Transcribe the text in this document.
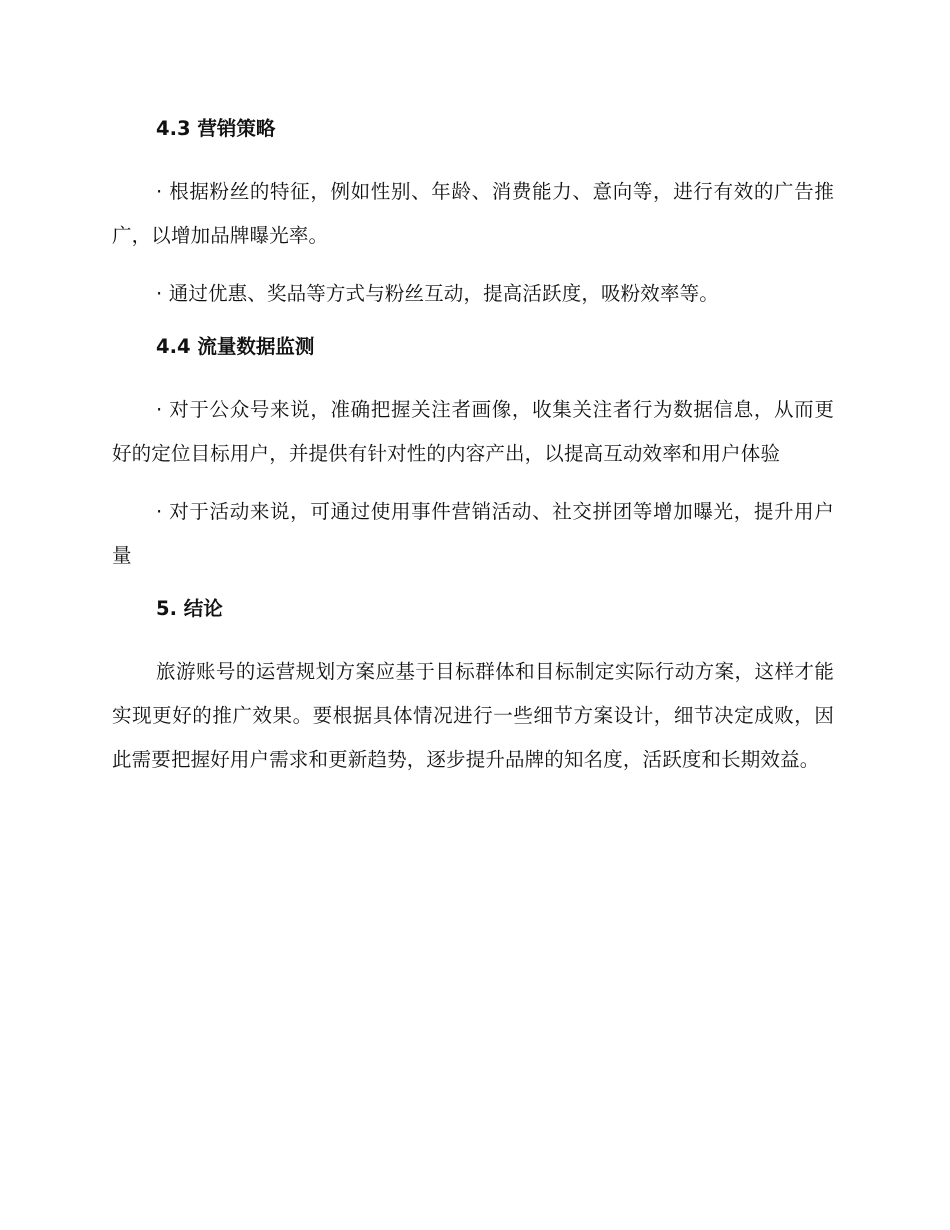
4.3 营销策略

· 根据粉丝的特征，例如性别、年龄、消费能力、意向等，进行有效的广告推广，以增加品牌曝光率。

· 通过优惠、奖品等方式与粉丝互动，提高活跃度，吸粉效率等。

4.4 流量数据监测

· 对于公众号来说，准确把握关注者画像，收集关注者行为数据信息，从而更好的定位目标用户，并提供有针对性的内容产出，以提高互动效率和用户体验

· 对于活动来说，可通过使用事件营销活动、社交拼团等增加曝光，提升用户量

5. 结论

旅游账号的运营规划方案应基于目标群体和目标制定实际行动方案，这样才能实现更好的推广效果。要根据具体情况进行一些细节方案设计，细节决定成败，因此需要把握好用户需求和更新趋势，逐步提升品牌的知名度，活跃度和长期效益。
